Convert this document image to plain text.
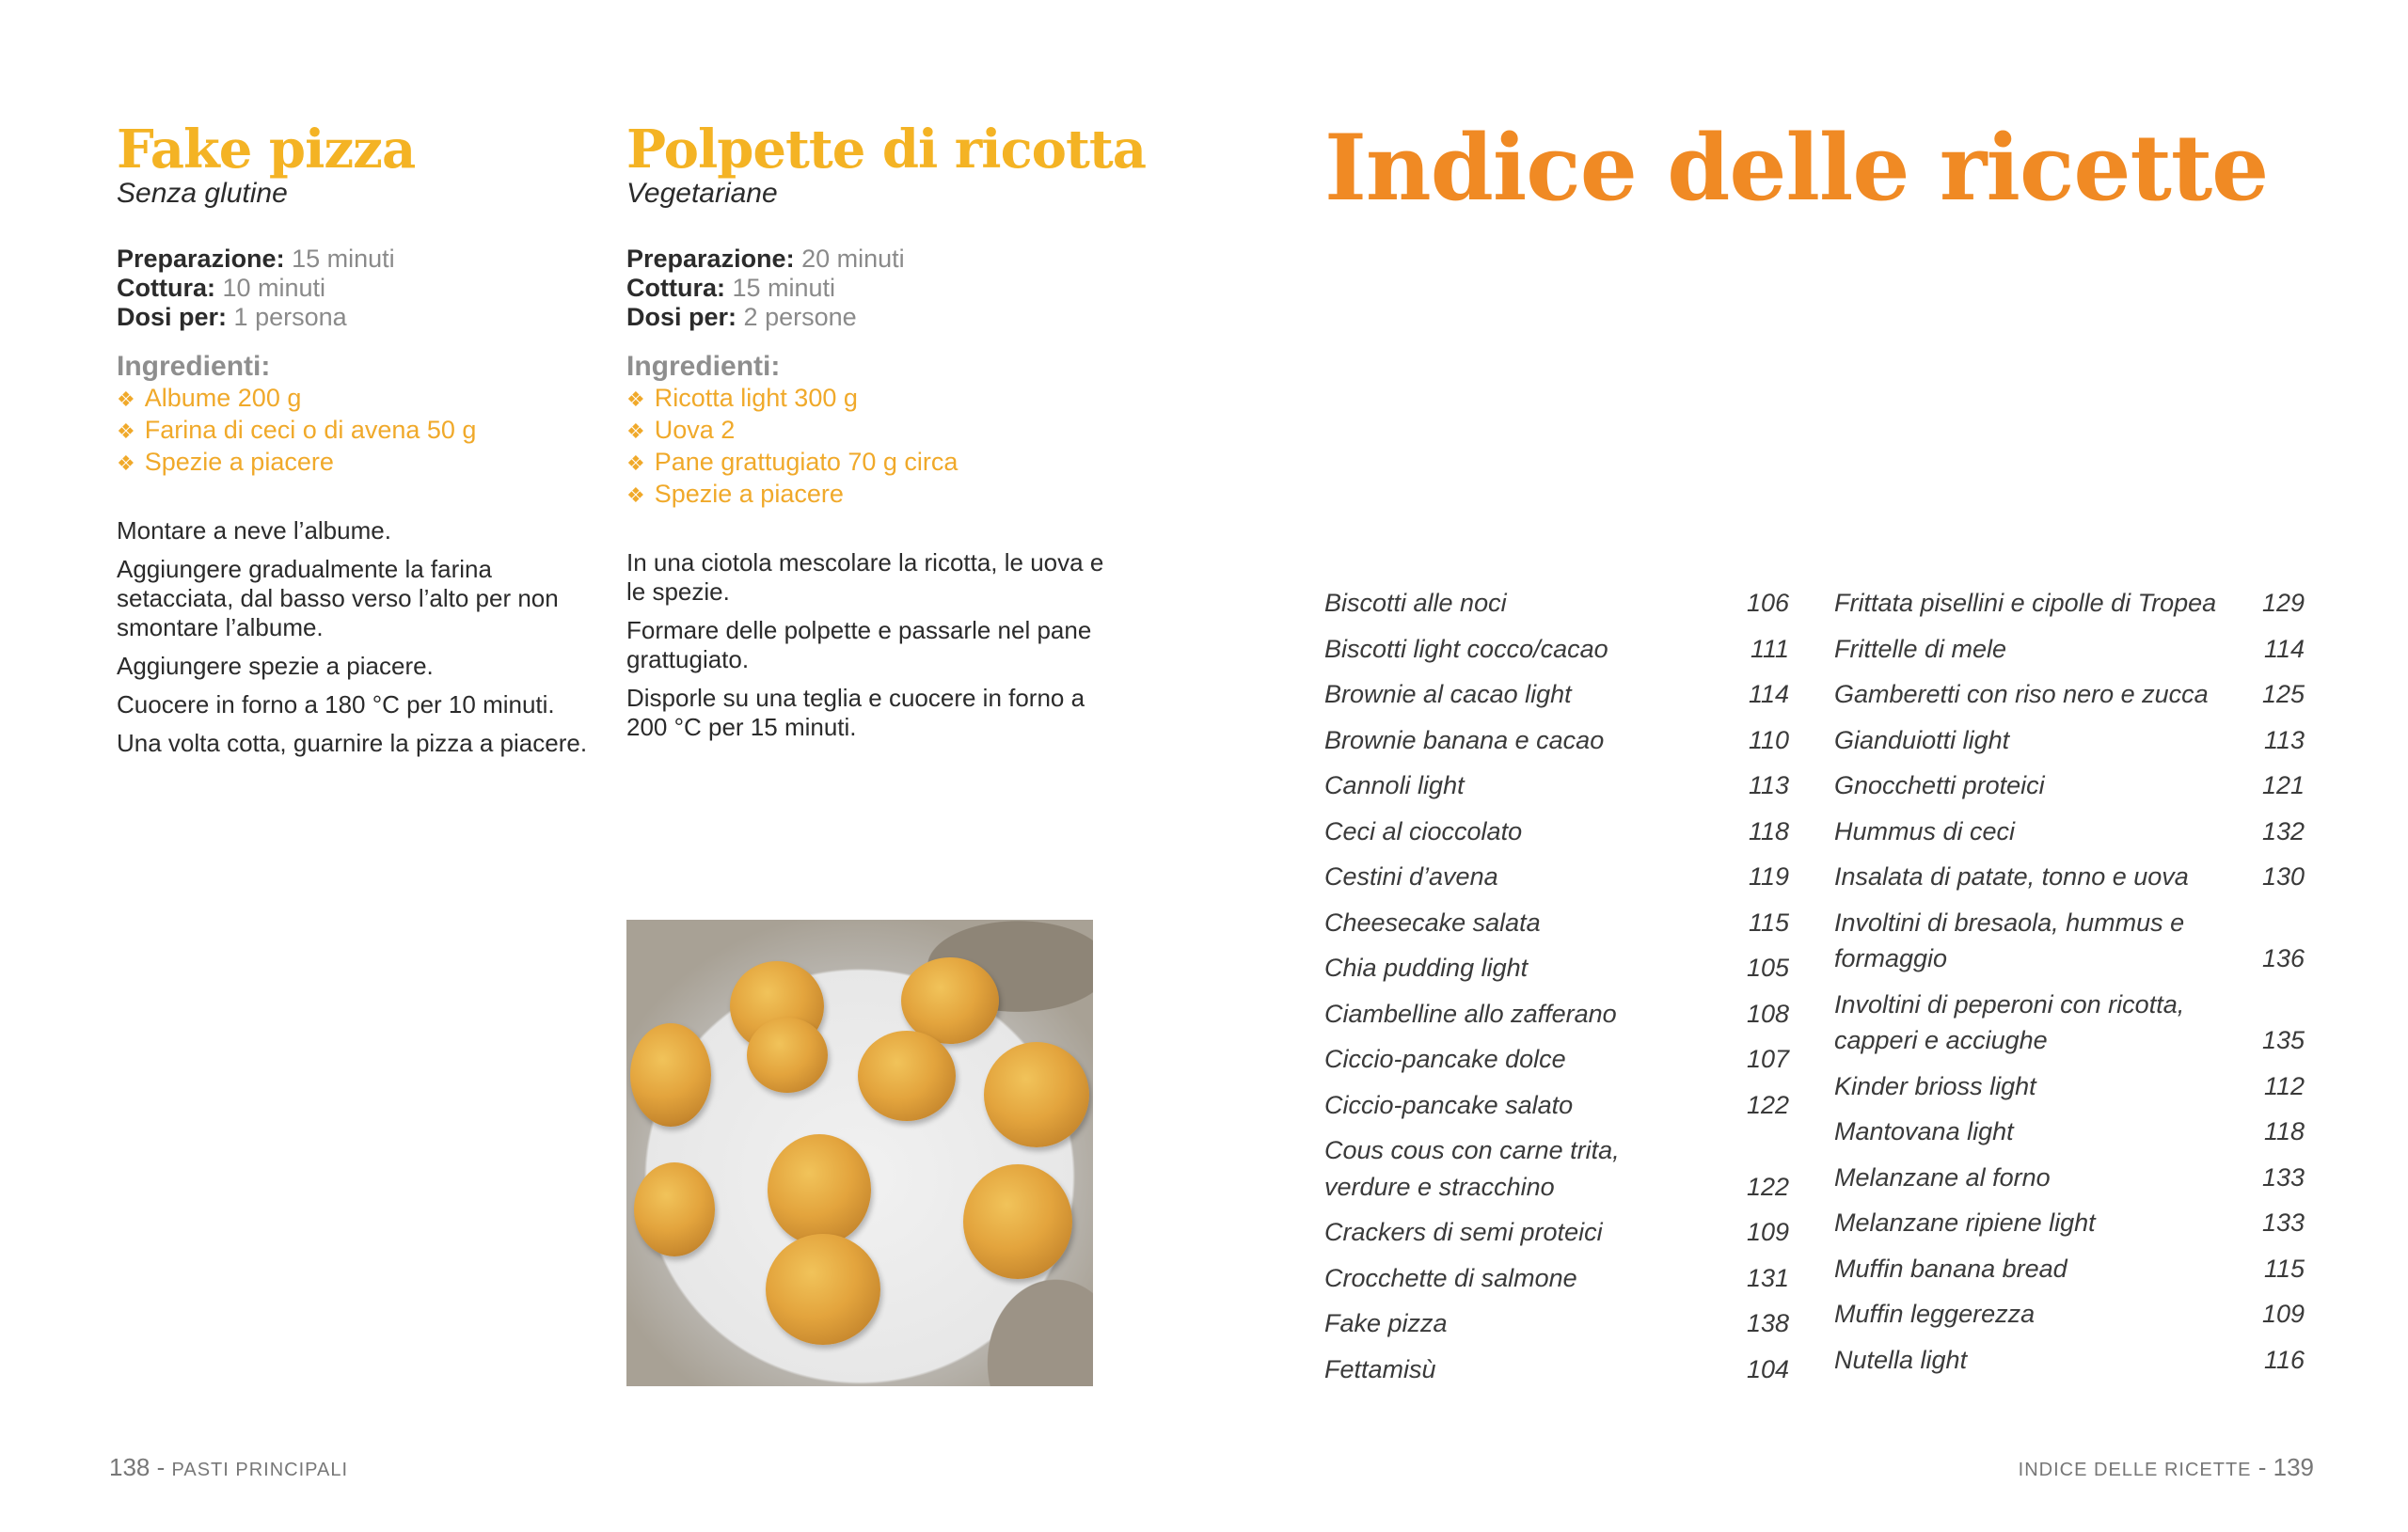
Fake pizza
Senza glutine
Preparazione: 15 minuti
Cottura: 10 minuti
Dosi per: 1 persona
Ingredienti:
❖ Albume 200 g
❖ Farina di ceci o di avena 50 g
❖ Spezie a piacere

Montare a neve l’albume.

Aggiungere gradualmente la farina setacciata, dal basso verso l’alto per non smontare l’albume.

Aggiungere spezie a piacere.

Cuocere in forno a 180 °C per 10 minuti.

Una volta cotta, guarnire la pizza a piacere.

Polpette di ricotta
Vegetariane
Preparazione: 20 minuti
Cottura: 15 minuti
Dosi per: 2 persone
Ingredienti:
❖ Ricotta light 300 g
❖ Uova 2
❖ Pane grattugiato 70 g circa
❖ Spezie a piacere

In una ciotola mescolare la ricotta, le uova e le spezie.

Formare delle polpette e passarle nel pane grattugiato.

Disporle su una teglia e cuocere in forno a 200 °C per 15 minuti.

138 - PASTI PRINCIPALI
Indice delle ricette
Biscotti alle noci	106
Biscotti light cocco/cacao	111
Brownie al cacao light	114
Brownie banana e cacao	110
Cannoli light	113
Ceci al cioccolato	118
Cestini d’avena	119
Cheesecake salata	115
Chia pudding light	105
Ciambelline allo zafferano	108
Ciccio-pancake dolce	107
Ciccio-pancake salato	122
Cous cous con carne trita, verdure e stracchino	122
Crackers di semi proteici	109
Crocchette di salmone	131
Fake pizza	138
Fettamisù	104
Frittata pisellini e cipolle di Tropea	129
Frittelle di mele	114
Gamberetti con riso nero e zucca	125
Gianduiotti light	113
Gnocchetti proteici	121
Hummus di ceci	132
Insalata di patate, tonno e uova	130
Involtini di bresaola, hummus e formaggio	136
Involtini di peperoni con ricotta, capperi e acciughe	135
Kinder brioss light	112
Mantovana light	118
Melanzane al forno	133
Melanzane ripiene light	133
Muffin banana bread	115
Muffin leggerezza	109
Nutella light	116
INDICE DELLE RICETTE - 139
